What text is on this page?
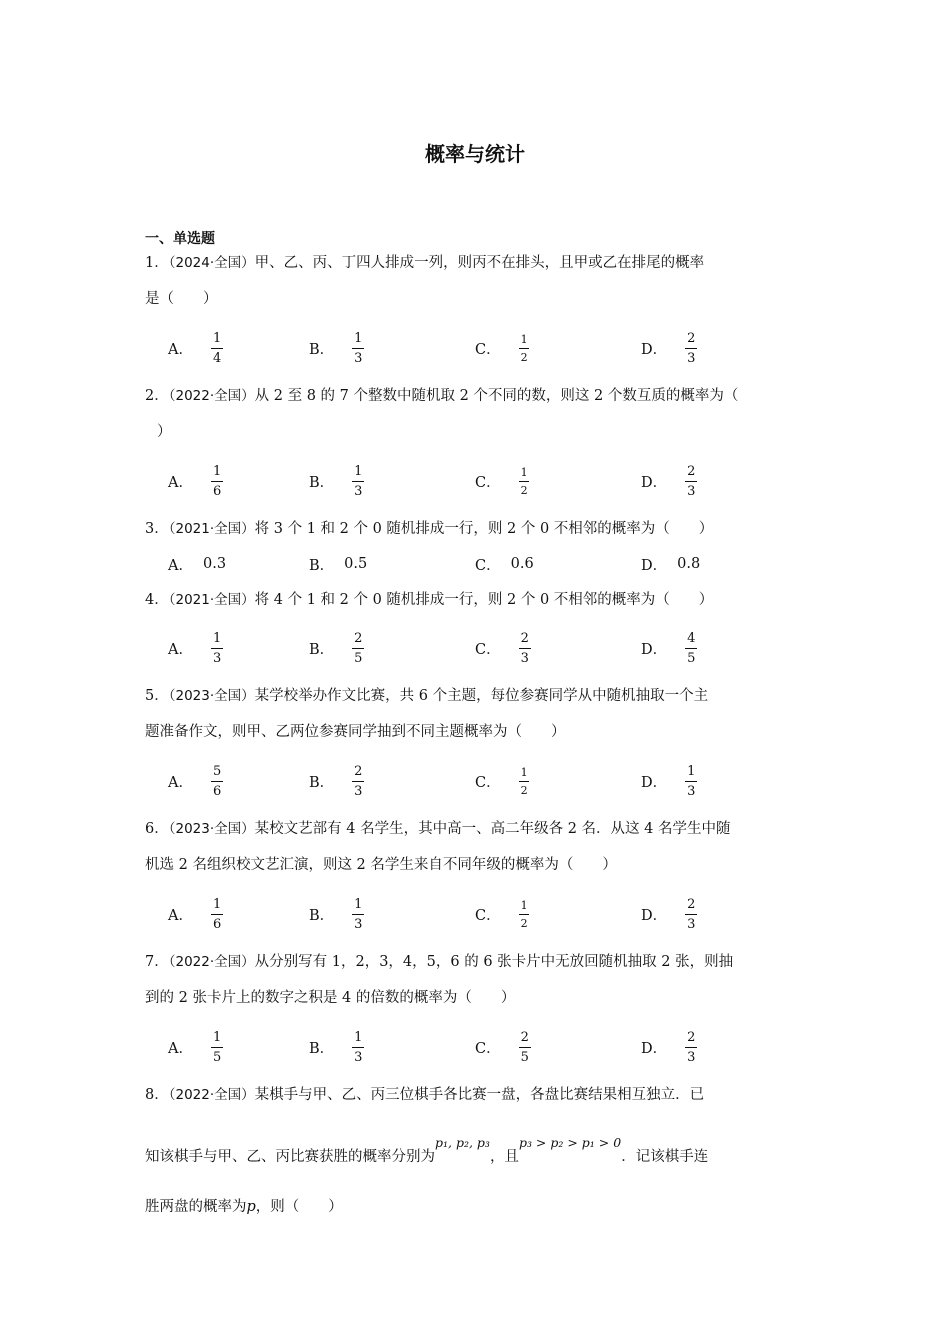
概率与统计
一、单选题
1．（2024·全国）甲、乙、丙、丁四人排成一列，则丙不在排头，且甲或乙在排尾的概率
是（　　）
A． $\frac{1}{4}$	B． $\frac{1}{3}$	C． $\frac{1}{2}$	D． $\frac{2}{3}$
2．（2022·全国）从 2 至 8 的 7 个整数中随机取 2 个不同的数，则这 2 个数互质的概率为（
）
A． $\frac{1}{6}$	B． $\frac{1}{3}$	C． $\frac{1}{2}$	D． $\frac{2}{3}$
3．（2021·全国）将 3 个 1 和 2 个 0 随机排成一行，则 2 个 0 不相邻的概率为（　　）
A． 0.3	B． 0.5	C． 0.6	D． 0.8
4．（2021·全国）将 4 个 1 和 2 个 0 随机排成一行，则 2 个 0 不相邻的概率为（　　）
A． $\frac{1}{3}$	B． $\frac{2}{5}$	C． $\frac{2}{3}$	D． $\frac{4}{5}$
5．（2023·全国）某学校举办作文比赛，共 6 个主题，每位参赛同学从中随机抽取一个主
题准备作文，则甲、乙两位参赛同学抽到不同主题概率为（　　）
A． $\frac{5}{6}$	B． $\frac{2}{3}$	C． $\frac{1}{2}$	D． $\frac{1}{3}$
6．（2023·全国）某校文艺部有 4 名学生，其中高一、高二年级各 2 名．从这 4 名学生中随
机选 2 名组织校文艺汇演，则这 2 名学生来自不同年级的概率为（　　）
A． $\frac{1}{6}$	B． $\frac{1}{3}$	C． $\frac{1}{2}$	D． $\frac{2}{3}$
7．（2022·全国）从分别写有 1，2，3，4，5，6 的 6 张卡片中无放回随机抽取 2 张，则抽
到的 2 张卡片上的数字之积是 4 的倍数的概率为（　　）
A． $\frac{1}{5}$	B． $\frac{1}{3}$	C． $\frac{2}{5}$	D． $\frac{2}{3}$
8．（2022·全国）某棋手与甲、乙、丙三位棋手各比赛一盘，各盘比赛结果相互独立．已
知该棋手与甲、乙、丙比赛获胜的概率分别为p₁, p₂, p₃，且p₃ > p₂ > p₁ > 0．记该棋手连
胜两盘的概率为p，则（　　）
